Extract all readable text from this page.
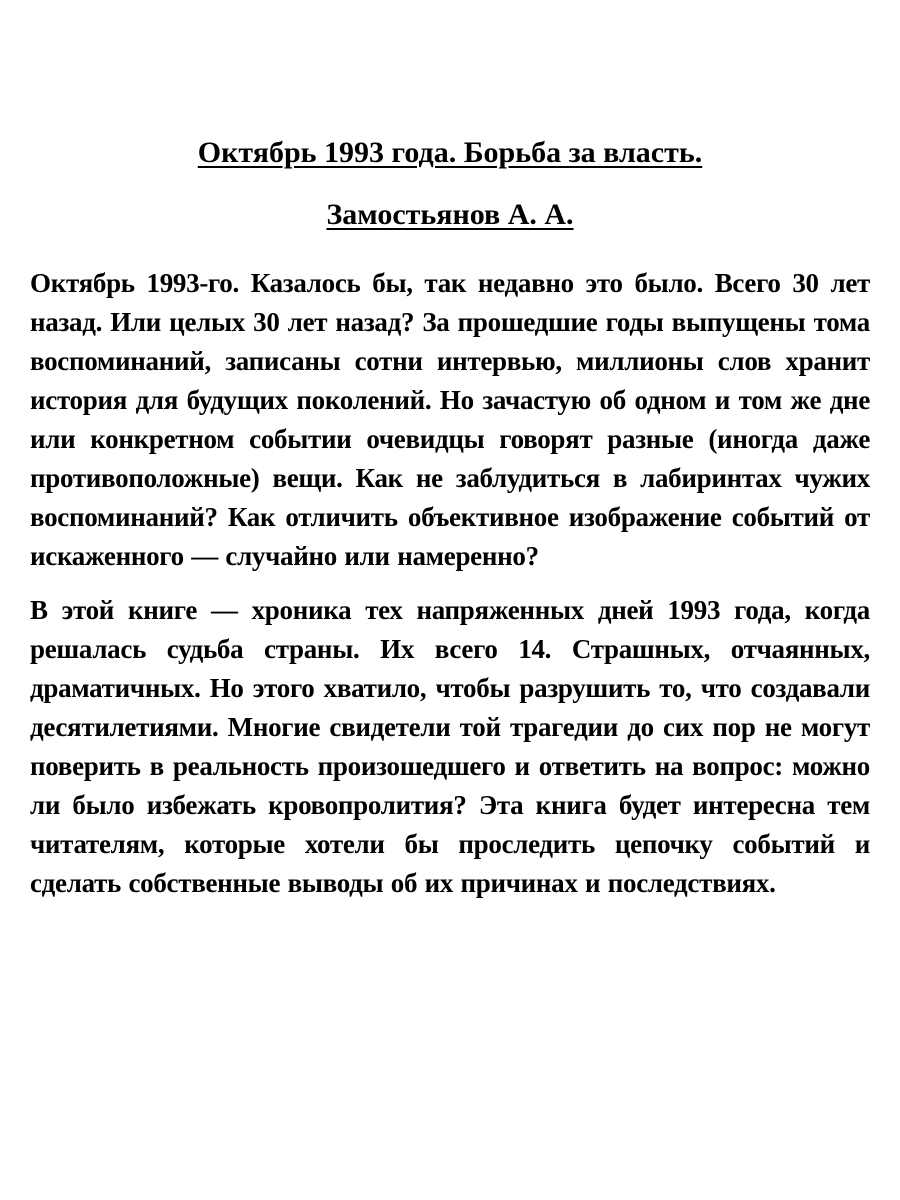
Октябрь 1993 года. Борьба за власть.
Замостьянов А. А.

Октябрь 1993-го. Казалось бы, так недавно это было. Всего 30 лет назад. Или целых 30 лет назад? За прошедшие годы выпущены тома воспоминаний, записаны сотни интервью, миллионы слов хранит история для будущих поколений. Но зачастую об одном и том же дне или конкретном событии очевидцы говорят разные (иногда даже противоположные) вещи. Как не заблудиться в лабиринтах чужих воспоминаний? Как отличить объективное изображение событий от искаженного — случайно или намеренно?

В этой книге — хроника тех напряженных дней 1993 года, когда решалась судьба страны. Их всего 14. Страшных, отчаянных, драматичных. Но этого хватило, чтобы разрушить то, что создавали десятилетиями. Многие свидетели той трагедии до сих пор не могут поверить в реальность произошедшего и ответить на вопрос: можно ли было избежать кровопролития? Эта книга будет интересна тем читателям, которые хотели бы проследить цепочку событий и сделать собственные выводы об их причинах и последствиях.
